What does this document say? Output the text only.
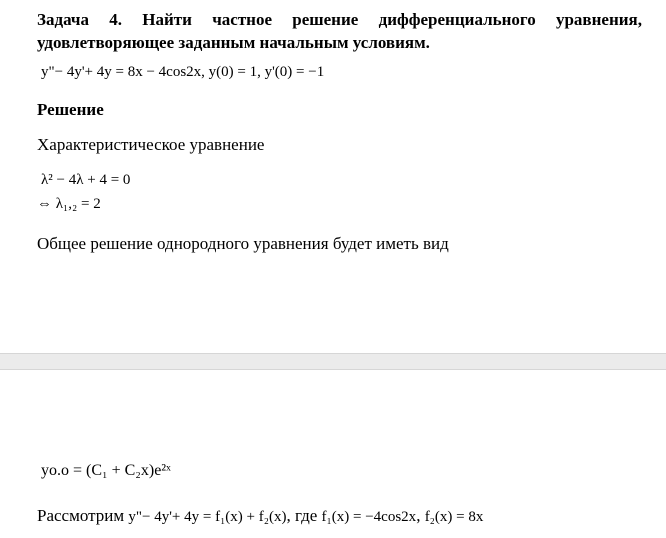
Задача 4. Найти частное решение дифференциального уравнения, удовлетворяющее заданным начальным условиям.
y"− 4y'+ 4y = 8x − 4cos2x, y(0) = 1, y'(0) = −1
Решение
Характеристическое уравнение
λ² − 4λ + 4 = 0
⇔ λ₁,₂ = 2
Общее решение однородного уравнения будет иметь вид
yо.о = (C₁ + C₂x)e²ˣ
Рассмотрим y"− 4y'+ 4y = f₁(x) + f₂(x), где f₁(x) = −4cos2x, f₂(x) = 8x
